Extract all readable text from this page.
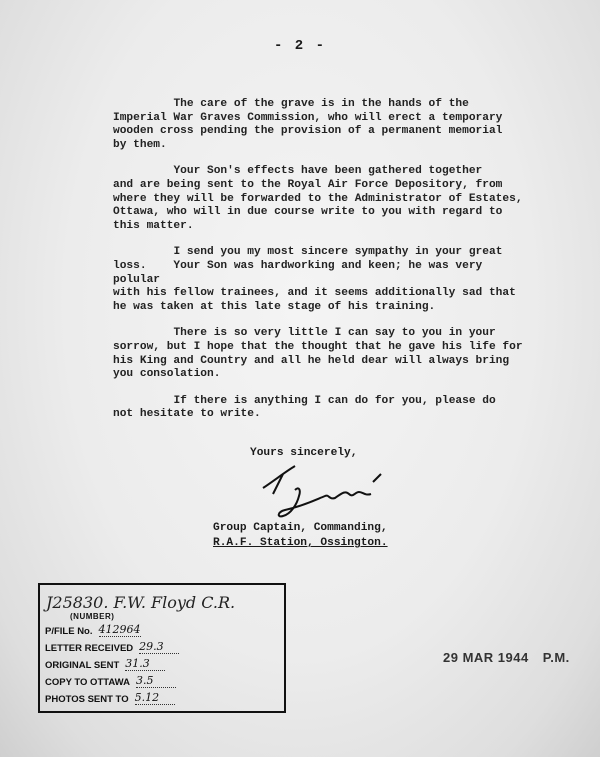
- 2 -

The care of the grave is in the hands of the
Imperial War Graves Commission, who will erect a temporary
wooden cross pending the provision of a permanent memorial
by them.

Your Son's effects have been gathered together
and are being sent to the Royal Air Force Depository, from
where they will be forwarded to the Administrator of Estates,
Ottawa, who will in due course write to you with regard to
this matter.

I send you my most sincere sympathy in your great
loss.    Your Son was hardworking and keen; he was very polular
with his fellow trainees, and it seems additionally sad that
he was taken at this late stage of his training.

There is so very little I can say to you in your
sorrow, but I hope that the thought that he gave his life for
his King and Country and all he held dear will always bring
you consolation.

If there is anything I can do for you, please do
not hesitate to write.

Yours sincerely,
Group Captain, Commanding,
R.A.F. Station, Ossington.
J25830. F.W. Floyd C.R.
(NUMBER)
P/FILE No. 412964
LETTER RECEIVED 29.3
ORIGINAL SENT 31.3
COPY TO OTTAWA 3.5
PHOTOS SENT TO 5.12
29 MAR 1944 P.M.
